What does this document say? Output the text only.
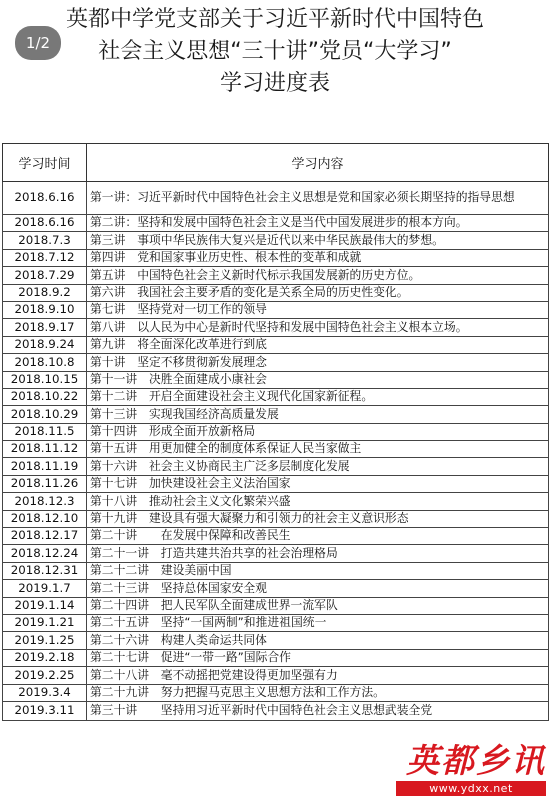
英都中学党支部关于习近平新时代中国特色
社会主义思想“三十讲”党员“大学习”
学习进度表
1/2
学习时间	学习内容
2018.6.16	第一讲：习近平新时代中国特色社会主义思想是党和国家必须长期坚持的指导思想
2018.6.16	第二讲：坚持和发展中国特色社会主义是当代中国发展进步的根本方向。
2018.7.3	第三讲　事项中华民族伟大复兴是近代以来中华民族最伟大的梦想。
2018.7.12	第四讲　党和国家事业历史性、根本性的变革和成就
2018.7.29	第五讲　中国特色社会主义新时代标示我国发展新的历史方位。
2018.9.2	第六讲　我国社会主要矛盾的变化是关系全局的历史性变化。
2018.9.10	第七讲　坚持党对一切工作的领导
2018.9.17	第八讲　以人民为中心是新时代坚持和发展中国特色社会主义根本立场。
2018.9.24	第九讲　将全面深化改革进行到底
2018.10.8	第十讲　坚定不移贯彻新发展理念
2018.10.15	第十一讲　决胜全面建成小康社会
2018.10.22	第十二讲　开启全面建设社会主义现代化国家新征程。
2018.10.29	第十三讲　实现我国经济高质量发展
2018.11.5	第十四讲　形成全面开放新格局
2018.11.12	第十五讲　用更加健全的制度体系保证人民当家做主
2018.11.19	第十六讲　社会主义协商民主广泛多层制度化发展
2018.11.26	第十七讲　加快建设社会主义法治国家
2018.12.3	第十八讲　推动社会主义文化繁荣兴盛
2018.12.10	第十九讲　建设具有强大凝聚力和引领力的社会主义意识形态
2018.12.17	第二十讲　　在发展中保障和改善民生
2018.12.24	第二十一讲　打造共建共治共享的社会治理格局
2018.12.31	第二十二讲　建设美丽中国
2019.1.7	第二十三讲　坚持总体国家安全观
2019.1.14	第二十四讲　把人民军队全面建成世界一流军队
2019.1.21	第二十五讲　坚持“一国两制”和推进祖国统一
2019.1.25	第二十六讲　构建人类命运共同体
2019.2.18	第二十七讲　促进“一带一路”国际合作
2019.2.25	第二十八讲　毫不动摇把党建设得更加坚强有力
2019.3.4	第二十九讲　努力把握马克思主义思想方法和工作方法。
2019.3.11	第三十讲　　坚持用习近平新时代中国特色社会主义思想武装全党
英都乡讯
www.ydxx.net
